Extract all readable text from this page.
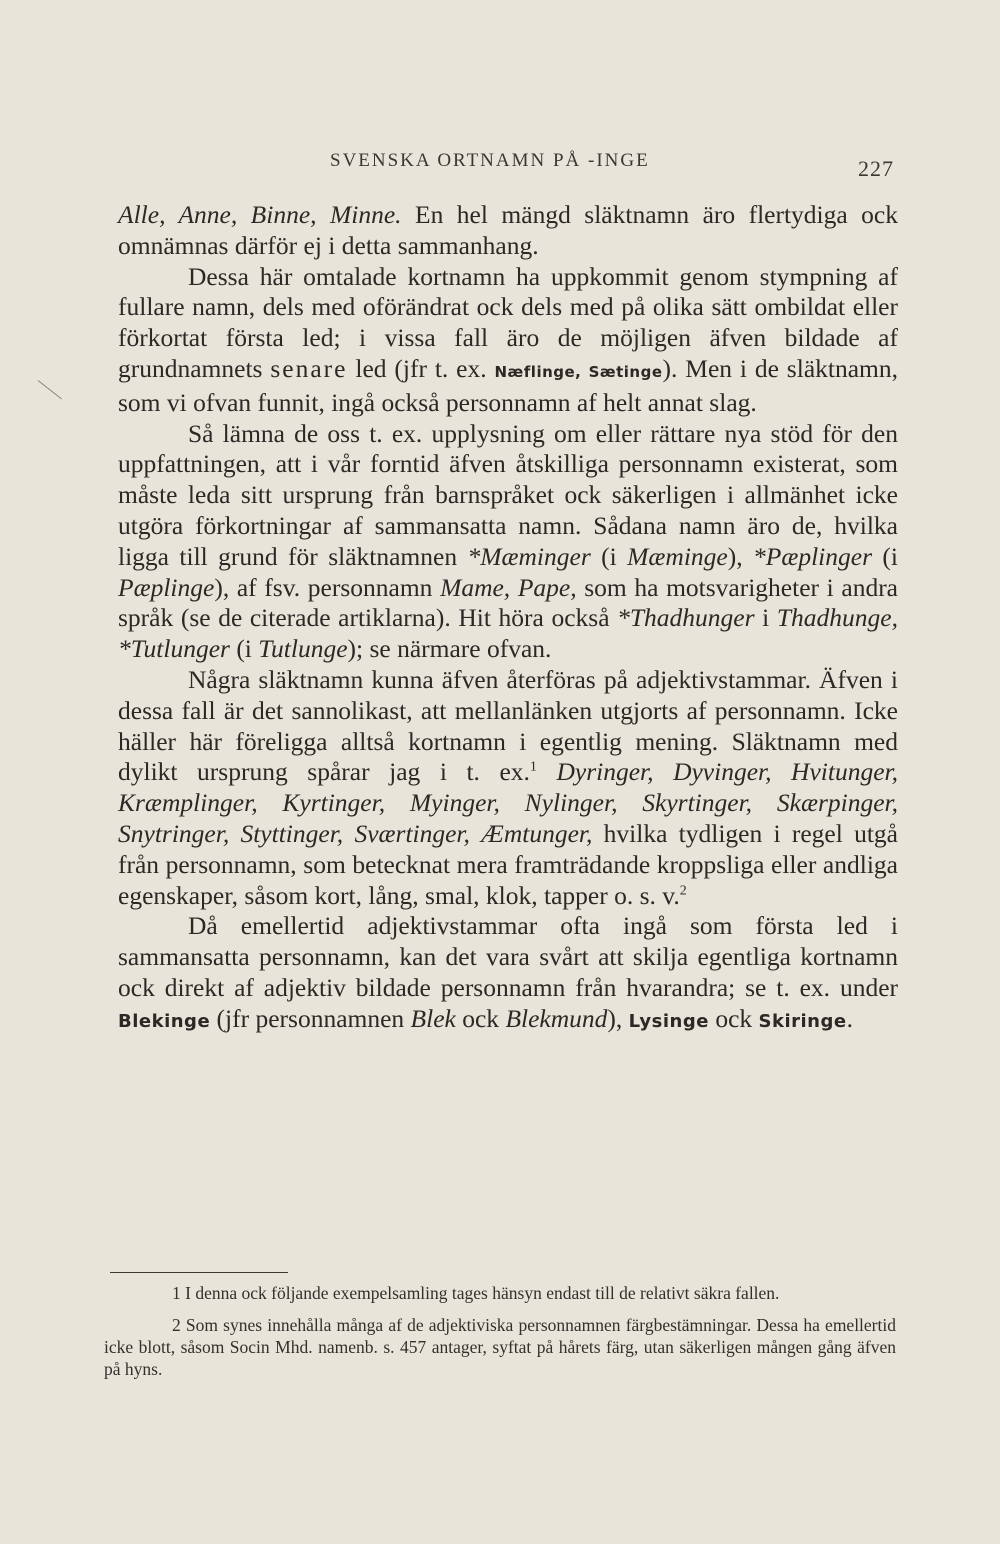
SVENSKA ORTNAMN PÅ -INGE	227

Alle, Anne, Binne, Minne. En hel mängd släktnamn äro flertydiga ock omnämnas därför ej i detta sammanhang.

Dessa här omtalade kortnamn ha uppkommit genom stympning af fullare namn, dels med oförändrat ock dels med på olika sätt ombildat eller förkortat första led; i vissa fall äro de möjligen äfven bildade af grundnamnets senare led (jfr t. ex. Næflinge, Sætinge). Men i de släktnamn, som vi ofvan funnit, ingå också personnamn af helt annat slag.

Så lämna de oss t. ex. upplysning om eller rättare nya stöd för den uppfattningen, att i vår forntid äfven åtskilliga personnamn existerat, som måste leda sitt ursprung från barnspråket ock säkerligen i allmänhet icke utgöra förkortningar af sammansatta namn. Sådana namn äro de, hvilka ligga till grund för släktnamnen *Mæminger (i Mæminge), *Pæplinger (i Pæplinge), af fsv. personnamn Mame, Pape, som ha motsvarigheter i andra språk (se de citerade artiklarna). Hit höra också *Thadhunger i Thadhunge, *Tutlunger (i Tutlunge); se närmare ofvan.

Några släktnamn kunna äfven återföras på adjektivstammar. Äfven i dessa fall är det sannolikast, att mellanlänken utgjorts af personnamn. Icke häller här föreligga alltså kortnamn i egentlig mening. Släktnamn med dylikt ursprung spårar jag i t. ex.$^1$ Dyringer, Dyvinger, Hvitunger, Kræmplinger, Kyrtinger, Myinger, Nylinger, Skyrtinger, Skærpinger, Snytringer, Styttinger, Sværtinger, Æmtunger, hvilka tydligen i regel utgå från personnamn, som betecknat mera framträdande kroppsliga eller andliga egenskaper, såsom kort, lång, smal, klok, tapper o. s. v.$^2$

Då emellertid adjektivstammar ofta ingå som första led i sammansatta personnamn, kan det vara svårt att skilja egentliga kortnamn ock direkt af adjektiv bildade personnamn från hvarandra; se t. ex. under Blekinge (jfr personnamnen Blek ock Blekmund), Lysinge ock Skiringe.

1 I denna ock följande exempelsamling tages hänsyn endast till de relativt säkra fallen.

2 Som synes innehålla många af de adjektiviska personnamnen färgbestämningar. Dessa ha emellertid icke blott, såsom Socin Mhd. namenb. s. 457 antager, syftat på hårets färg, utan säkerligen mången gång äfven på hyns.
